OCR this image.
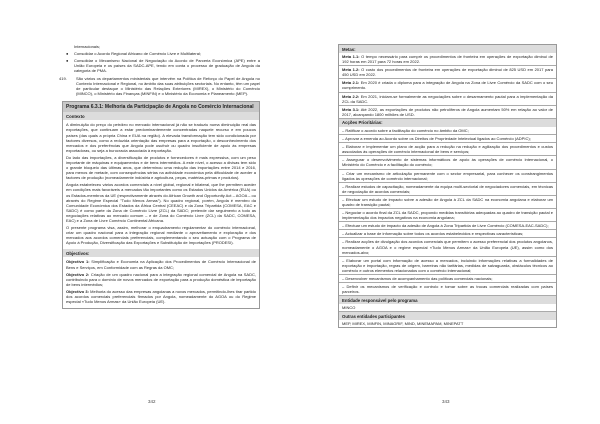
Internacionais;

● Consolidar o Acordo Regional Africano de Comércio Livre e Multilateral;

● Consolidar o Mecanismo Nacional de Negociação do Acordo de Parceria Económica (APE) entre a União Europeia e os países da SADC-APE, tendo em conta o processo de graduação de Angola da categoria de PMA.

419. São vários os departamentos ministeriais que intervêm na Política de Reforço do Papel de Angola no Contexto Internacional e Regional, no âmbito das suas atribuições sectoriais. No entanto, têm um papel de particular destaque o Ministério das Relações Exteriores (MIREX), o Ministério do Comércio (MINCO), o Ministério das Finanças (MINFIN) e o Ministério da Economia e Planeamento (MEP).

Programa 6.3.1: Melhoria da Participação de Angola no Comércio Internacional
Contexto

A diminuição do preço do petróleo no mercado internacional já não se traduziu numa diminuição real das exportações, que continuam a estar predominantemente concentradas naquele recurso e em poucos países (das quais a própria China e EUA na região). A elevada transformação tem sido condicionada por factores diversos, como a reduzida orientação das empresas para a exportação, o desconhecimento dos mercados e dos preferências que Angola pode usufruir ou quadro insuficiente de apoio às empresas exportadoras, ou seja a burocracia associada à exportação.

Do lado das importações, a diversificação de produtos e fornecedores é mais expressiva, com um peso importante de máquinas e equipamentos e de bens intermédios. A este nível, o acesso a divisas tem sido o grande bloqueio das últimas anos, que determinou uma redução das importações entre 2014 e 2016, para menos de metade, com consequências sérias na actividade económica pela dificuldade de aceder a factores de produção (nomeadamente indústria e agricultura, peças, matérias-primas e produtos).

Angola estabeleceu vários acordos comerciais a nível global, regional e bilateral, que lhe permitem aceder em condições mais favoráveis a mercados tão importantes como os Estados Unidos da América (EUA) ou os Estados-membros da UE (respectivamente através do African Growth and Opportunity Act – AGOA – ou através do Regime Especial "Tudo Menos Armas"). No quadro regional, porém, Angola é membro da Comunidade Económica dos Estados da África Central (CEEAC) e da Zona Tripartida (COMESA, EAC e SADC) é como parte da Zona de Comércio Livre (ZCL) da SADC; pretende dar seguimento a todo as negociações relativas ao mercado comum – e de Zona do Comércio Livre (ZCL) da SADC, COMESA, EAC) e a Zona de Livre Comércio Continental Africana.

O presente programa visa, assim, melhorar o enquadramento regulamentar do comércio internacional, criar um quadro nacional para a integração regional mediante o aproveitamento e exploração e dos mercados aos acordos comerciais preferenciais, complementando o seu actuação com o Programa de Apoio à Produção, Diversificação das Exportações e Substituição de Importações (PRODESI).

Objectivos:

Objectivo 1: Simplificação e Economia na Aplicação dos Procedimentos de Comércio Internacional de Bens e Serviços, em Conformidade com as Regras da OMC;

Objectivo 2: Criação de um quadro nacional para a integração regional comercial de Angola na SADC, contribuindo para o domínio de novos mercados de exportação para a produção doméstica de importação de bens intermédios;

Objectivo 3: Melhoria do acesso das empresas angolanas a novos mercados, permitindo-lhes tirar partido dos acordos comerciais preferenciais firmados por Angola, nomeadamente do AGOA ou do Regime especial «Tudo Menos Armas» da União Europeia (UE).

342
Metas:

Meta 1.1: O tempo necessário para cumprir os procedimentos de fronteira em operações de exportação diminui de 192 horas em 2017 para 72 horas em 2022.

Meta 1.2: O custo dos procedimentos de fronteira em operações de exportação diminui de 825 USD em 2017 para 450 USD em 2022.

Meta 2.1: Em 2020 é criada o diploma para a integração de Angola na Zona de Livre Comércio da SADC com o seu cumprimento.

Meta 2.2: Em 2021, iniciam-se formalmente as negociações sobre o desarmamento pautal para a implementação da ZCL da SADC.

Meta 3.1: Até 2022, as exportações de produtos não petrolíferos de Angola aumentam 50% em relação ao valor de 2017, alcançando 1800 milhões de USD.

Acções Prioritárias:

– Ratificar o acordo sobre a facilitação do comércio no âmbito da OMC;

– Aprovar a emenda ao Acordo sobre os Direitos de Propriedade Intelectual ligados ao Comércio (ADPIC);

– Elaborar e implementar um plano de acção para a redução na redução e agilização dos procedimentos e custos associados às operações de comércio internacional de bens e serviços;

– Assegurar o desenvolvimento de sistemas informáticos de apoio às operações de comércio internacional, o Ministério do Comércio e a facilitação do comércio;

– Criar um mecanismo de articulação permanente com o sector empresarial, para conhecer os constrangimentos ligados às operações de comércio internacional;

– Realizar estudos de capacitação, nomeadamente da equipa multi-sectorial de negociadores comerciais, em técnicas de negociação de acordos comerciais;

– Efectuar um estudo de impacto sobre a adesão de Angola à ZCL da SADC na economia angolana e elaborar um quadro de transição pautal;

– Negociar o acordo final da ZCL da SADC, propondo medidas transitórias adequadas ao quadro de transição pautal e implementação dos impactos negativos na economia angolana;

– Efectuar um estudo de impacto da adesão de Angola à Zona Tripartida de Livre Comércio (COMESA-EAC-SADC);

– Actualizar a base de informação sobre todos os acordos estabelecidos e respectivas características;

– Realizar acções de divulgação dos acordos comerciais que permitem o acesso preferencial dos produtos angolanos, nomeadamente o AGOA e o regime especial «Tudo Menos Armas» da União Europeia (UE), assim como dos mercados-alvo;

– Elaborar um portal com informação de acesso a mercados, incluindo informações relativas a formalidades de exportação e importação, regras de origem, barreiras não tarifárias, medidas de salvaguarda, obstáculos técnicos ao comércio e outros elementos relacionados com o comércio internacional;

– Desenvolver mecanismos de acompanhamento das políticas comerciais nacionais;

– Definir os mecanismos de verificação e controlo e tomar sobre as trocas comerciais realizadas com países parceiros.

Entidade responsável pelo programa
MINCO
Outras entidades participantes
MEP, MIREX, MINFIN, MINAGRIF, MIND, MINEMAPAM, MINEPATT
343
